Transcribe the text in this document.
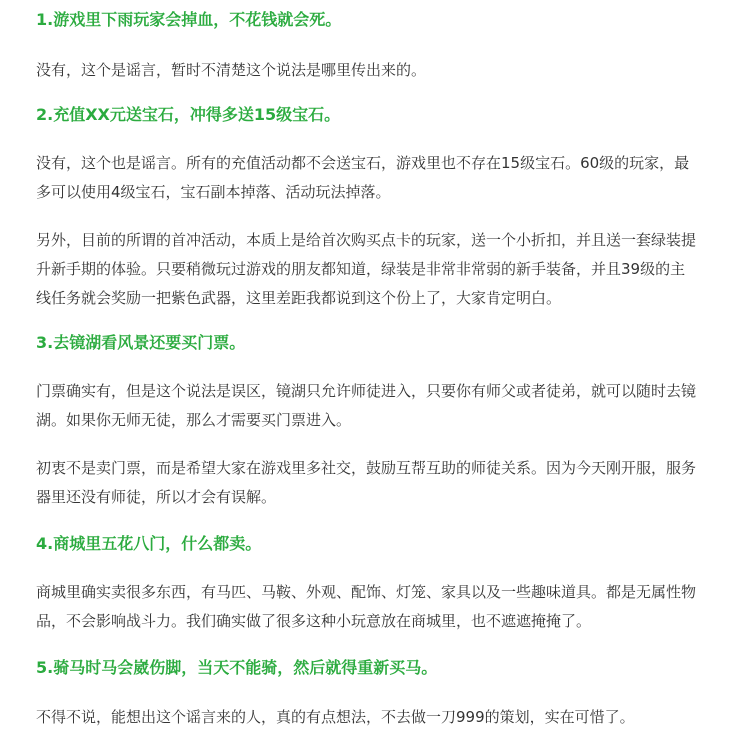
1.游戏里下雨玩家会掉血，不花钱就会死。
没有，这个是谣言，暂时不清楚这个说法是哪里传出来的。
2.充值XX元送宝石，冲得多送15级宝石。
没有，这个也是谣言。所有的充值活动都不会送宝石，游戏里也不存在15级宝石。60级的玩家，最多可以使用4级宝石，宝石副本掉落、活动玩法掉落。
另外，目前的所谓的首冲活动，本质上是给首次购买点卡的玩家，送一个小折扣，并且送一套绿装提升新手期的体验。只要稍微玩过游戏的朋友都知道，绿装是非常非常弱的新手装备，并且39级的主线任务就会奖励一把紫色武器，这里差距我都说到这个份上了，大家肯定明白。
3.去镜湖看风景还要买门票。
门票确实有，但是这个说法是误区，镜湖只允许师徒进入，只要你有师父或者徒弟，就可以随时去镜湖。如果你无师无徒，那么才需要买门票进入。
初衷不是卖门票，而是希望大家在游戏里多社交，鼓励互帮互助的师徒关系。因为今天刚开服，服务器里还没有师徒，所以才会有误解。
4.商城里五花八门，什么都卖。
商城里确实卖很多东西，有马匹、马鞍、外观、配饰、灯笼、家具以及一些趣味道具。都是无属性物品，不会影响战斗力。我们确实做了很多这种小玩意放在商城里，也不遮遮掩掩了。
5.骑马时马会崴伤脚，当天不能骑，然后就得重新买马。
不得不说，能想出这个谣言来的人，真的有点想法，不去做一刀999的策划，实在可惜了。
